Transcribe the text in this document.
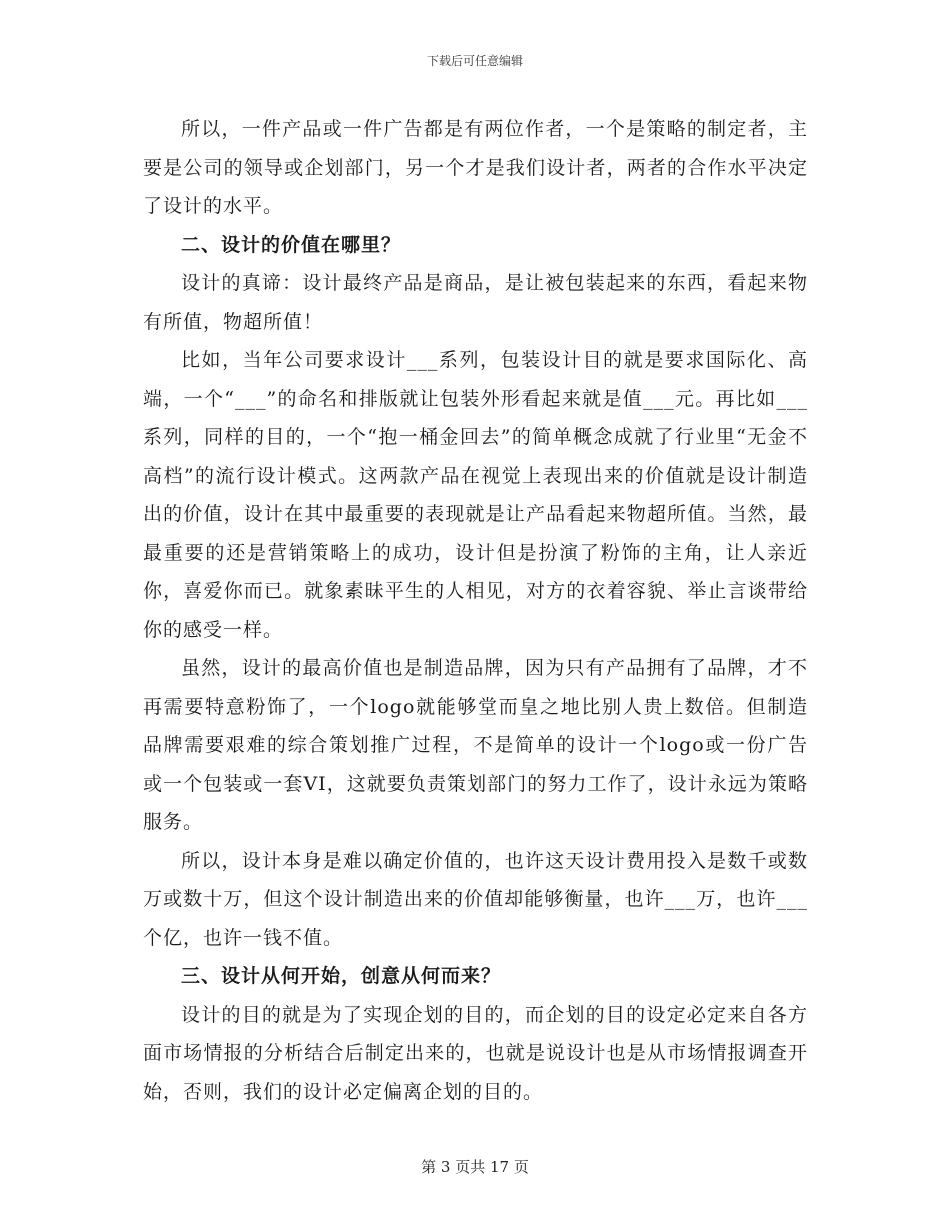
下载后可任意编辑

所以，一件产品或一件广告都是有两位作者，一个是策略的制定者，主要是公司的领导或企划部门，另一个才是我们设计者，两者的合作水平决定了设计的水平。

二、设计的价值在哪里？

设计的真谛：设计最终产品是商品，是让被包装起来的东西，看起来物有所值，物超所值！

比如，当年公司要求设计___系列，包装设计目的就是要求国际化、高端，一个“___”的命名和排版就让包装外形看起来就是值___元。再比如___系列，同样的目的，一个“抱一桶金回去”的简单概念成就了行业里“无金不高档”的流行设计模式。这两款产品在视觉上表现出来的价值就是设计制造出的价值，设计在其中最重要的表现就是让产品看起来物超所值。当然，最最重要的还是营销策略上的成功，设计但是扮演了粉饰的主角，让人亲近你，喜爱你而已。就象素昧平生的人相见，对方的衣着容貌、举止言谈带给你的感受一样。

虽然，设计的最高价值也是制造品牌，因为只有产品拥有了品牌，才不再需要特意粉饰了，一个logo就能够堂而皇之地比别人贵上数倍。但制造品牌需要艰难的综合策划推广过程，不是简单的设计一个logo或一份广告或一个包装或一套VI，这就要负责策划部门的努力工作了，设计永远为策略服务。

所以，设计本身是难以确定价值的，也许这天设计费用投入是数千或数万或数十万，但这个设计制造出来的价值却能够衡量，也许___万，也许___个亿，也许一钱不值。

三、设计从何开始，创意从何而来？

设计的目的就是为了实现企划的目的，而企划的目的设定必定来自各方面市场情报的分析结合后制定出来的，也就是说设计也是从市场情报调查开始，否则，我们的设计必定偏离企划的目的。

第 3 页共 17 页
